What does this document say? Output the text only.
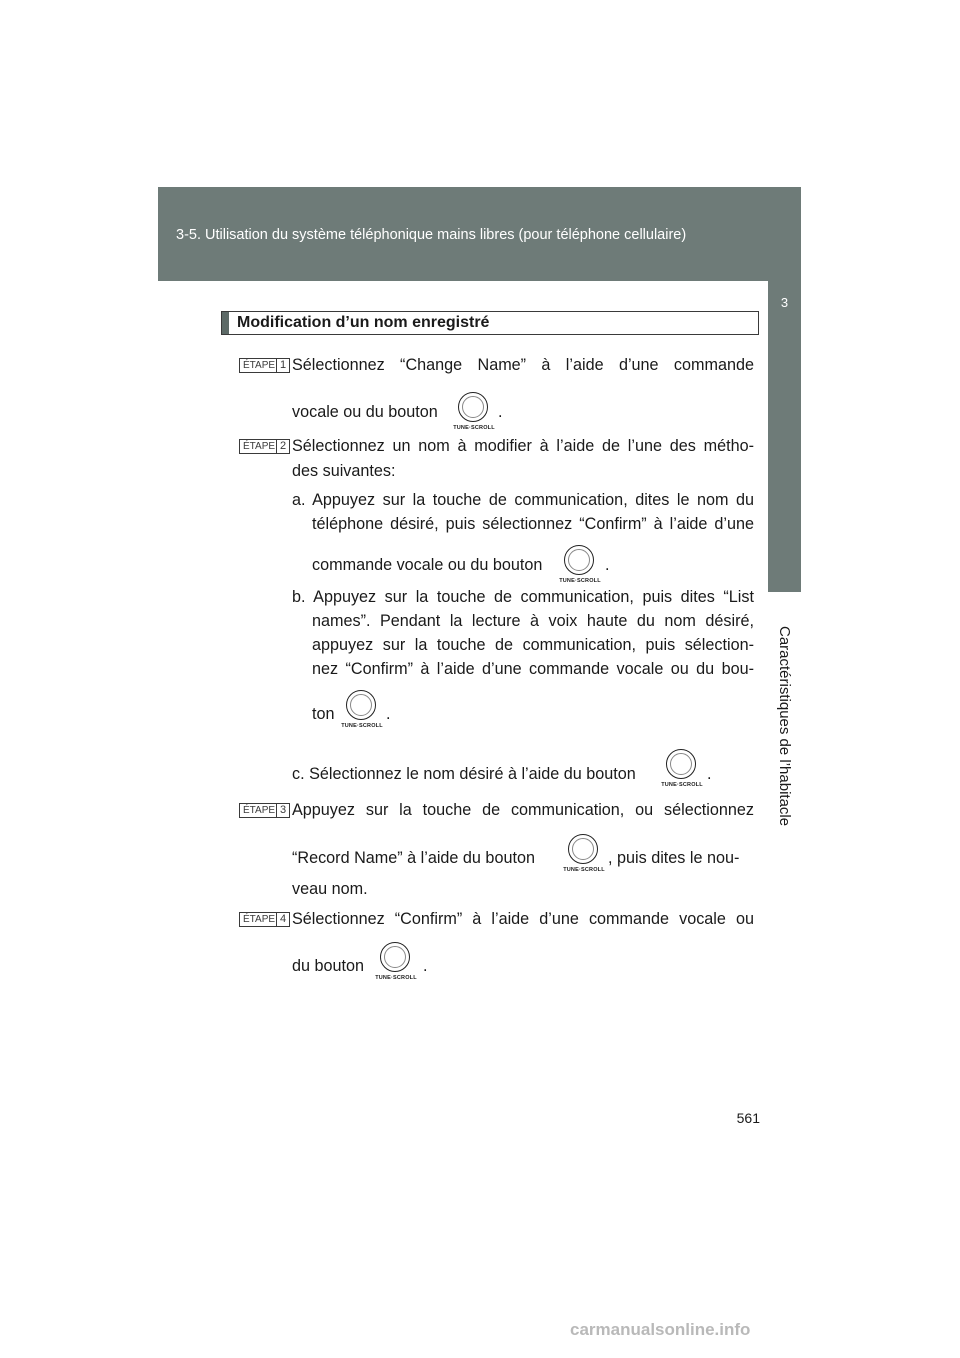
3-5. Utilisation du système téléphonique mains libres (pour téléphone cellulaire)
3
Caractéristiques de l’habitacle
Modification d’un nom enregistré
ÉTAPE 1 Sélectionnez “Change Name” à l’aide d’une commande
vocale ou du bouton
TUNE·SCROLL
.
ÉTAPE 2 Sélectionnez un nom à modifier à l’aide de l’une des métho-
des suivantes:
a. Appuyez sur la touche de communication, dites le nom du
téléphone désiré, puis sélectionnez “Confirm” à l’aide d’une
commande vocale ou du bouton
TUNE·SCROLL
.
b. Appuyez sur la touche de communication, puis dites “List
names”. Pendant la lecture à voix haute du nom désiré,
appuyez sur la touche de communication, puis sélection-
nez “Confirm” à l’aide d’une commande vocale ou du bou-
ton
TUNE·SCROLL
.
c. Sélectionnez le nom désiré à l’aide du bouton
TUNE·SCROLL
.
ÉTAPE 3 Appuyez sur la touche de communication, ou sélectionnez
“Record Name” à l’aide du bouton
TUNE·SCROLL
, puis dites le nou-
veau nom.
ÉTAPE 4 Sélectionnez “Confirm” à l’aide d’une commande vocale ou
du bouton
TUNE·SCROLL
.
561
carmanualsonline.info
